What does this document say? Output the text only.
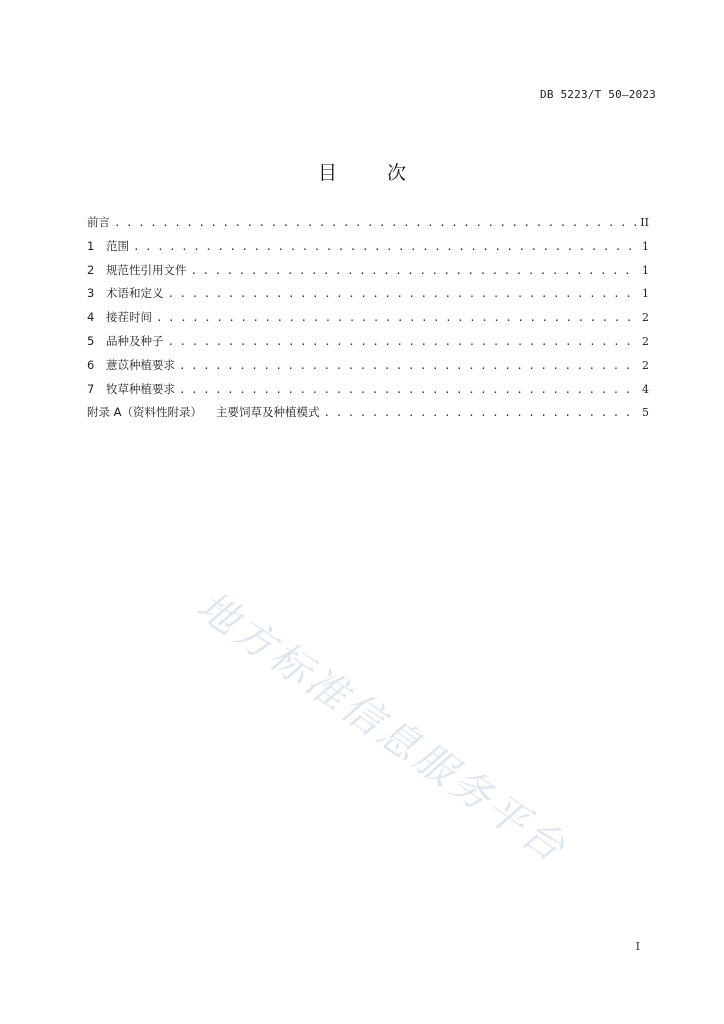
DB 5223/T 50—2023
目 次
前言 . . .	II
1	范围 . . .	1
2	规范性引用文件 . . .	1
3	术语和定义 . . .	1
4	接茬时间 . . .	2
5	品种及种子 . . .	2
6	薏苡种植要求 . . .	2
7	牧草种植要求 . . .	4
附录 A（资料性附录） 主要饲草及种植模式 . . .	5
地方标准信息服务平台
I
